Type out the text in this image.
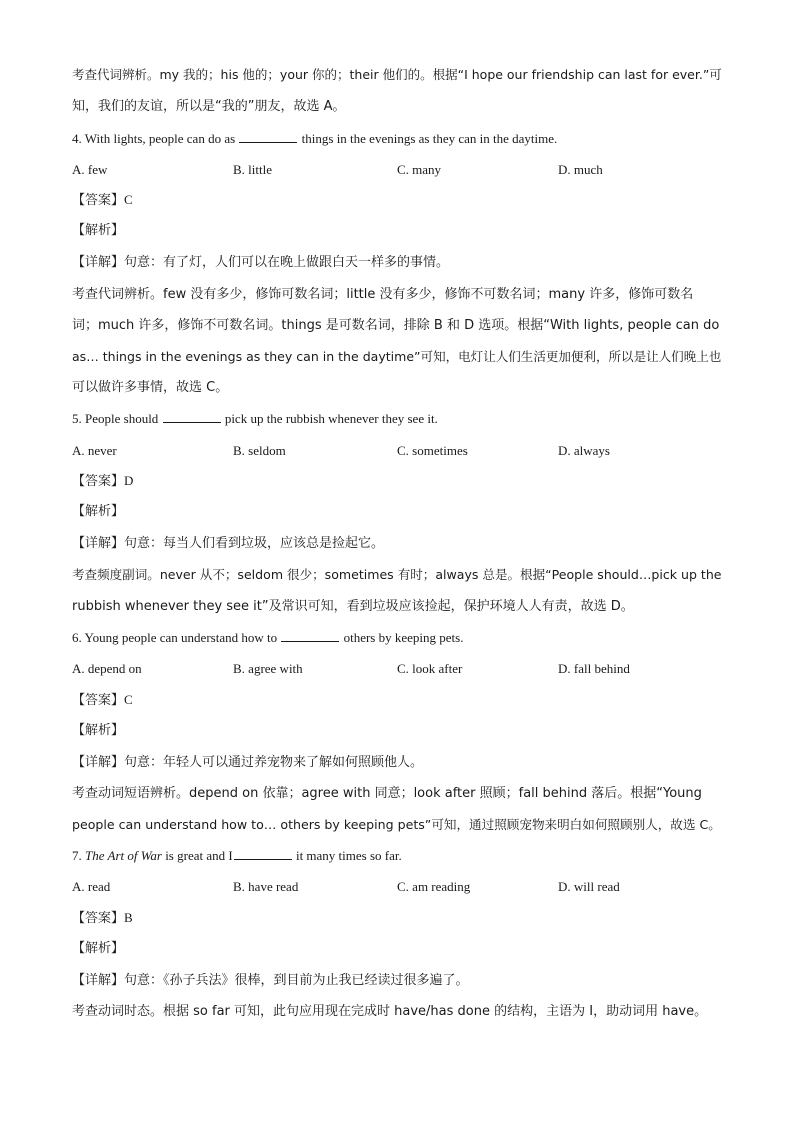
考查代词辨析。my 我的；his 他的；your 你的；their 他们的。根据“I hope our friendship can last for ever.”可
知，我们的友谊，所以是“我的”朋友，故选 A。
4. With lights, people can do as	things in the evenings as they can in the daytime.
A. few	B. little	C. many	D. much
【答案】C
【解析】
【详解】句意：有了灯，人们可以在晚上做跟白天一样多的事情。
考查代词辨析。few 没有多少，修饰可数名词；little 没有多少，修饰不可数名词；many 许多，修饰可数名
词；much 许多，修饰不可数名词。things 是可数名词，排除 B 和 D 选项。根据“With lights, people can do
as… things in the evenings as they can in the daytime”可知，电灯让人们生活更加便利，所以是让人们晚上也
可以做许多事情，故选 C。
5. People should	pick up the rubbish whenever they see it.
A. never	B. seldom	C. sometimes	D. always
【答案】D
【解析】
【详解】句意：每当人们看到垃圾，应该总是捡起它。
考查频度副词。never 从不；seldom 很少；sometimes 有时；always 总是。根据“People should…pick up the
rubbish whenever they see it”及常识可知，看到垃圾应该捡起，保护环境人人有责，故选 D。
6. Young people can understand how to	others by keeping pets.
A. depend on	B. agree with	C. look after	D. fall behind
【答案】C
【解析】
【详解】句意：年轻人可以通过养宠物来了解如何照顾他人。
考查动词短语辨析。depend on 依靠；agree with 同意；look after 照顾；fall behind 落后。根据“Young
people can understand how to… others by keeping pets”可知，通过照顾宠物来明白如何照顾别人，故选 C。
7. The Art of War is great and I	it many times so far.
A. read	B. have read	C. am reading	D. will read
【答案】B
【解析】
【详解】句意：《孙子兵法》很棒，到目前为止我已经读过很多遍了。
考查动词时态。根据 so far 可知，此句应用现在完成时 have/has done 的结构，主语为 I，助动词用 have。
